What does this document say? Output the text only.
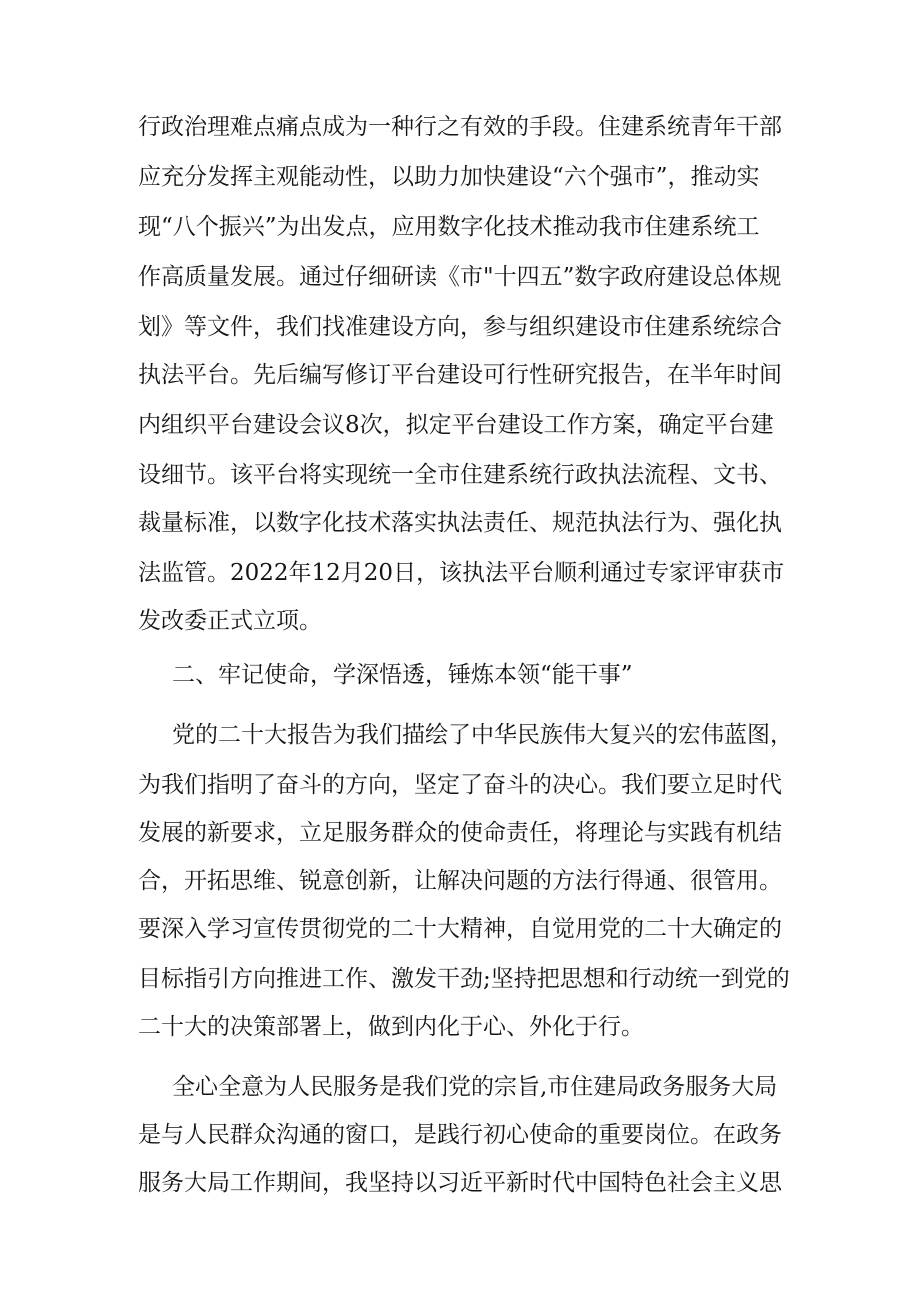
行政治理难点痛点成为一种行之有效的手段。住建系统青年干部
应充分发挥主观能动性，以助力加快建设“六个强市”，推动实
现“八个振兴”为出发点，应用数字化技术推动我市住建系统工
作高质量发展。通过仔细研读《市"十四五”数字政府建设总体规
划》等文件，我们找准建设方向，参与组织建设市住建系统综合
执法平台。先后编写修订平台建设可行性研究报告，在半年时间
内组织平台建设会议8次，拟定平台建设工作方案，确定平台建
设细节。该平台将实现统一全市住建系统行政执法流程、文书、
裁量标准，以数字化技术落实执法责任、规范执法行为、强化执
法监管。2022年12月20日，该执法平台顺利通过专家评审获市
发改委正式立项。
二、牢记使命，学深悟透，锤炼本领“能干事”
党的二十大报告为我们描绘了中华民族伟大复兴的宏伟蓝图，
为我们指明了奋斗的方向，坚定了奋斗的决心。我们要立足时代
发展的新要求，立足服务群众的使命责任，将理论与实践有机结
合，开拓思维、锐意创新，让解决问题的方法行得通、很管用。
要深入学习宣传贯彻党的二十大精神，自觉用党的二十大确定的
目标指引方向推进工作、激发干劲;坚持把思想和行动统一到党的
二十大的决策部署上，做到内化于心、外化于行。
全心全意为人民服务是我们党的宗旨,市住建局政务服务大局
是与人民群众沟通的窗口，是践行初心使命的重要岗位。在政务
服务大局工作期间，我坚持以习近平新时代中国特色社会主义思
